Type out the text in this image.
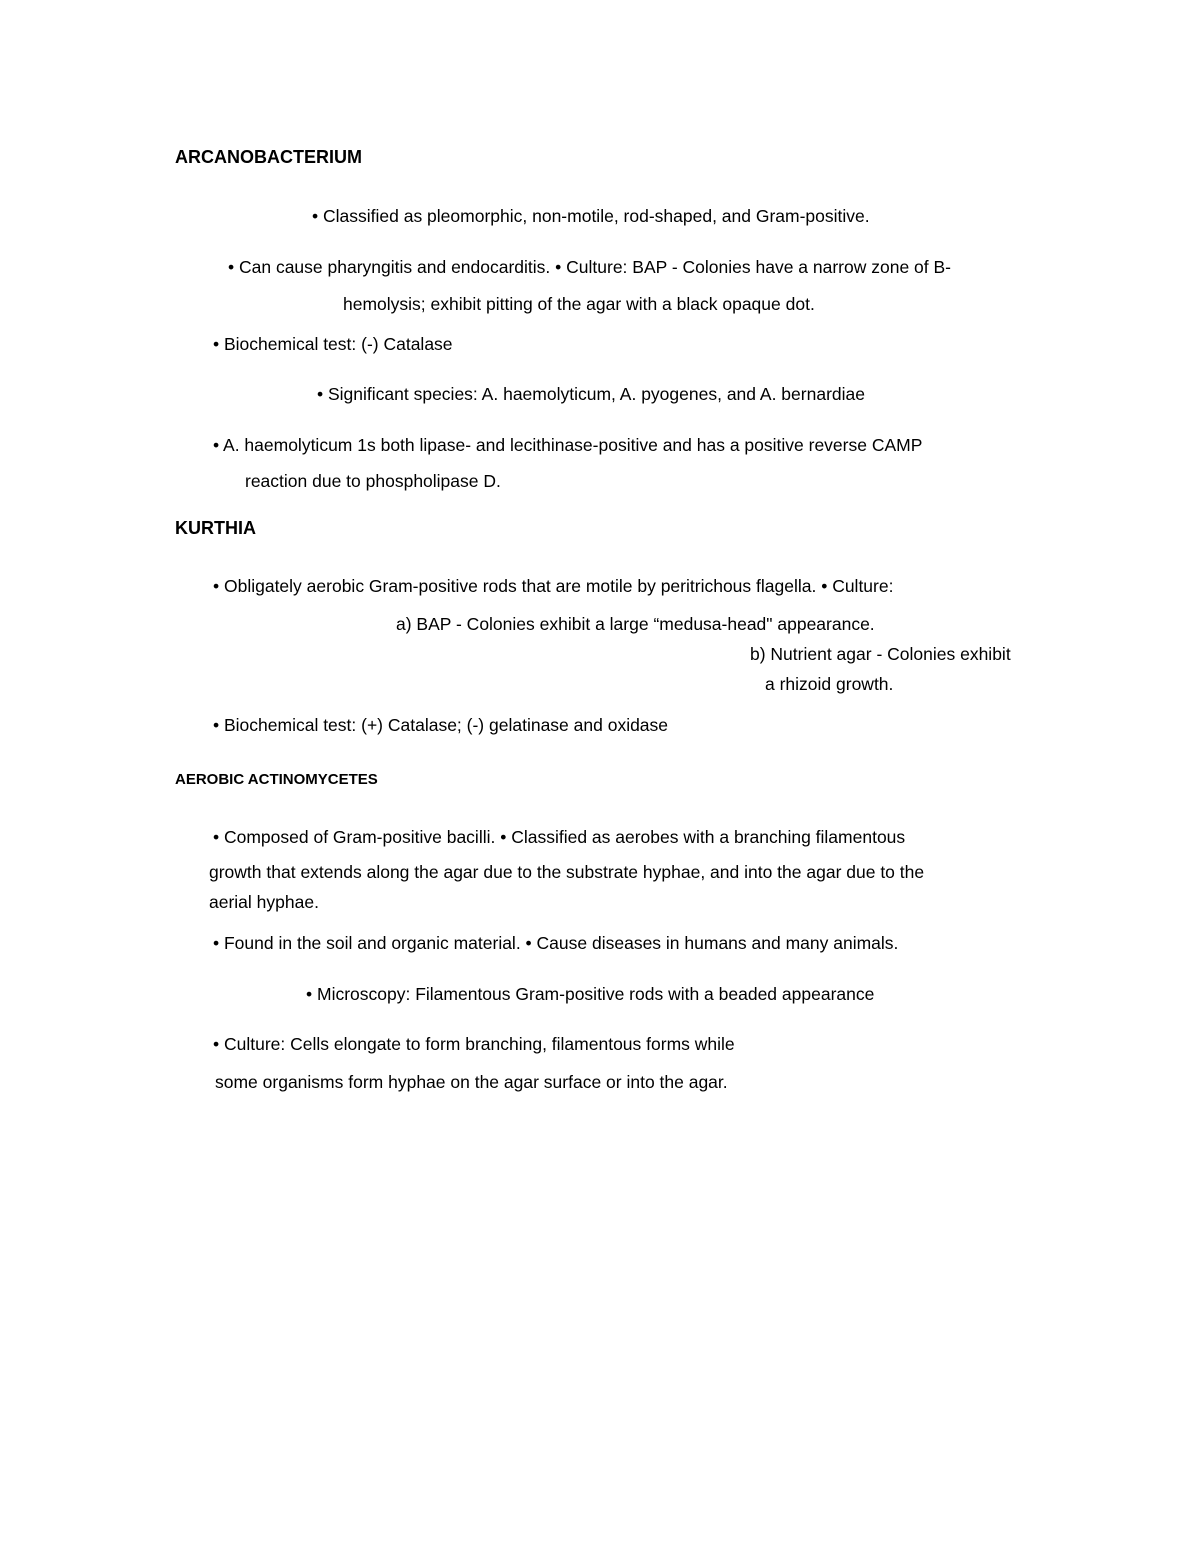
ARCANOBACTERIUM

• Classified as pleomorphic, non-motile, rod-shaped, and Gram-positive.

• Can cause pharyngitis and endocarditis. • Culture: BAP - Colonies have a narrow zone of B-

hemolysis; exhibit pitting of the agar with a black opaque dot.

• Biochemical test: (-) Catalase

• Significant species: A. haemolyticum, A. pyogenes, and A. bernardiae

• A. haemolyticum 1s both lipase- and lecithinase-positive and has a positive reverse CAMP

reaction due to phospholipase D.

KURTHIA

• Obligately aerobic Gram-positive rods that are motile by peritrichous flagella. • Culture:

a) BAP - Colonies exhibit a large “medusa-head" appearance.

b) Nutrient agar - Colonies exhibit

a rhizoid growth.

• Biochemical test: (+) Catalase; (-) gelatinase and oxidase

AEROBIC ACTINOMYCETES

• Composed of Gram-positive bacilli. • Classified as aerobes with a branching filamentous

growth that extends along the agar due to the substrate hyphae, and into the agar due to the

aerial hyphae.

• Found in the soil and organic material. • Cause diseases in humans and many animals.

• Microscopy: Filamentous Gram-positive rods with a beaded appearance

• Culture: Cells elongate to form branching, filamentous forms while

some organisms form hyphae on the agar surface or into the agar.
